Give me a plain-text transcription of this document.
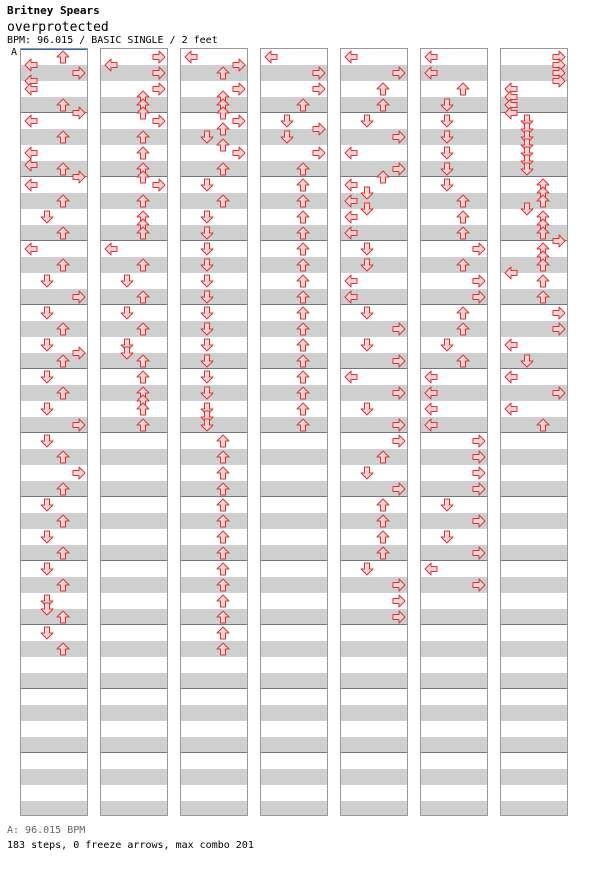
Britney Spears
overprotected
BPM: 96.015 / BASIC SINGLE / 2 feet
A
A: 96.015 BPM
183 steps, 0 freeze arrows, max combo 201
